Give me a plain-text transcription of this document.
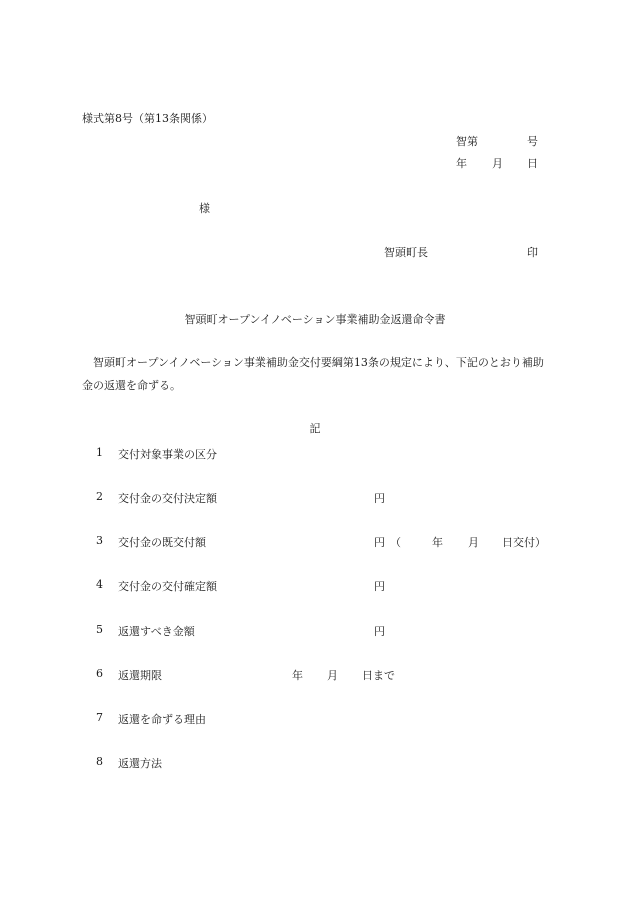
様式第8号（第13条関係）
智第	号
年 月 日
様
智頭町長	印
智頭町オープンイノベーション事業補助金返還命令書
智頭町オープンイノベーション事業補助金交付要綱第13条の規定により、下記のとおり補助金の返還を命ずる。
記
1 交付対象事業の区分
2 交付金の交付決定額	円
3 交付金の既交付額	円 （	年 月 日交付）
4 交付金の交付確定額	円
5 返還すべき金額	円
6 返還期限	年 月 日まで
7 返還を命ずる理由
8 返還方法
